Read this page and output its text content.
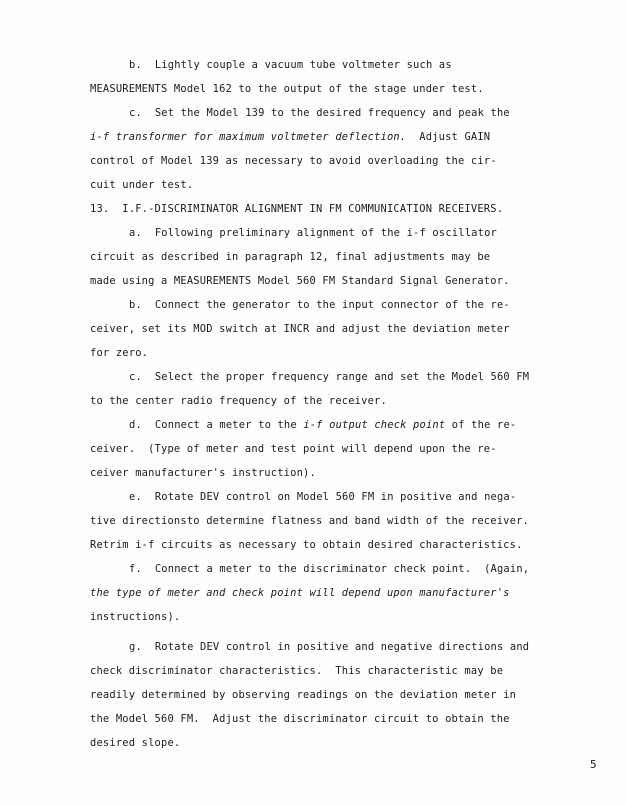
b.  Lightly couple a vacuum tube voltmeter such as
MEASUREMENTS Model 162 to the output of the stage under test.
c.  Set the Model 139 to the desired frequency and peak the
i-f transformer for maximum voltmeter deflection.  Adjust GAIN
control of Model 139 as necessary to avoid overloading the cir-
cuit under test.
13.  I.F.-DISCRIMINATOR ALIGNMENT IN FM COMMUNICATION RECEIVERS.
a.  Following preliminary alignment of the i-f oscillator
circuit as described in paragraph 12, final adjustments may be
made using a MEASUREMENTS Model 560 FM Standard Signal Generator.
b.  Connect the generator to the input connector of the re-
ceiver, set its MOD switch at INCR and adjust the deviation meter
for zero.
c.  Select the proper frequency range and set the Model 560 FM
to the center radio frequency of the receiver.
d.  Connect a meter to the i-f output check point of the re-
ceiver.  (Type of meter and test point will depend upon the re-
ceiver manufacturer's instruction).
e.  Rotate DEV control on Model 560 FM in positive and nega-
tive directionsto determine flatness and band width of the receiver.
Retrim i-f circuits as necessary to obtain desired characteristics.
f.  Connect a meter to the discriminator check point.  (Again,
the type of meter and check point will depend upon manufacturer's
instructions).
g.  Rotate DEV control in positive and negative directions and
check discriminator characteristics.  This characteristic may be
readily determined by observing readings on the deviation meter in
the Model 560 FM.  Adjust the discriminator circuit to obtain the
desired slope.
5
